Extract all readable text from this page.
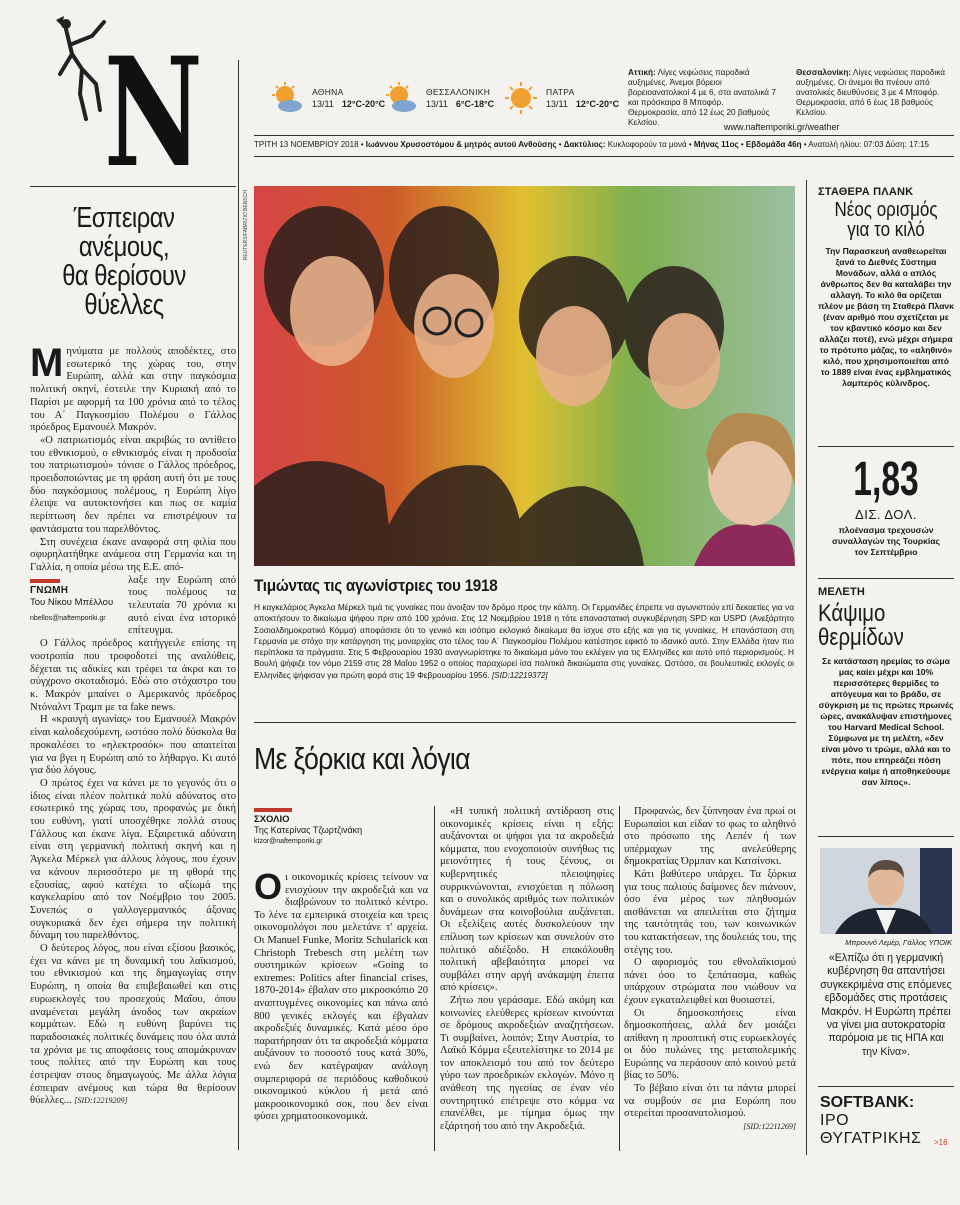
N	ΑΘΗΝΑ
13/11 12°C-20°C
ΘΕΣΣΑΛΟΝΙΚΗ
13/11 6°C-18°C
ΠΑΤΡΑ
13/11 12°C-20°C
Αττική: Λίγες νεφώσεις παροδικά αυξημένες. Άνεμοι βόρειοι βορειοανατολικοί 4 με 6, στα ανατολικά 7 και πρόσκαιρα 8 Μποφόρ. Θερμοκρασία, από 12 έως 20 βαθμούς Κελσίου.
Θεσσαλονίκη: Λίγες νεφώσεις παροδικά αυξημένες. Οι άνεμοι θα πνέουν από ανατολικές διευθύνσεις 3 με 4 Μποφόρ. Θερμοκρασία, από 6 έως 18 βαθμούς Κελσίου.
www.naftemporiki.gr/weather
ΤΡΙΤΗ 13 ΝΟΕΜΒΡΙΟΥ 2018 • Ιωάννου Χρυσοστόμου & μητρός αυτού Ανθούσης • Δακτύλιος: Κυκλοφορούν τα μονά • Μήνας 11ος • Εβδομάδα 46η • Ανατολή ηλίου: 07:03 Δύση: 17:15
Έσπειραν
ανέμους,
θα θερίσουν
θύελλες

Μηνύματα με πολλούς αποδέκτες, στο εσωτερικό της χώρας του, στην Ευρώπη, αλλά και στην παγκόσμια πολιτική σκηνί, έστειλε την Κυριακή από το Παρίσι με αφορμή τα 100 χρόνια από το τέλος του Α΄ Παγκοσμίου Πολέμου ο Γάλλος πρόεδρος Εμανουέλ Μακρόν.

«Ο πατριωτισμός είναι ακριβώς το αντίθετο του εθνικισμού, ο εθνικισμός είναι η προδοσία του πατριωτισμού» τόνισε ο Γάλλος πρόεδρος, προειδοποιώντας με τη φράση αυτή ότι με τους δύο παγκόσμιους πολέμους, η Ευρώπη λίγο έλειψε να αυτοκτονήσει και πως σε καμία περίπτωση δεν πρέπει να επιστρέψουν τα φαντάσματα του παρελθόντος.

Στη συνέχεια έκανε αναφορά στη φιλία που σφυρηλατήθηκε ανάμεσα στη Γερμανία και τη Γαλλία, η οποία μέσω της Ε.Ε. από-

ΓΝΩΜΗ
Του Νίκου Μπέλλου
nbellos@naftemporiki.gr

λαξε την Ευρώπη από τους πολέμους τα τελευταία 70 χρόνια κι αυτό είναι ένα ιστορικό επίτευγμα.

Ο Γάλλος πρόεδρος κατήγγειλε επίσης τη νοοτροπία που τροφοδοτεί της αναλύθεις, δέχεται τις αδικίες και τρέφει τα άκρα και το σύγχρονο σκοταδισμό. Εδώ στο στόχαστρο του κ. Μακρόν μπαίνει ο Αμερικανός πρόεδρος Ντόναλντ Τραμπ με τα fake news.

Η «κραυγή αγωνίας» του Εμανουέλ Μακρόν είναι καλοδεχούμενη, ωστόσο πολύ δύσκολα θα προκαλέσει το «ηλεκτροσόκ» που απαιτείται για να βγει η Ευρώπη από το λήθαργο. Κι αυτό για δύο λόγους.

Ο πρώτος έχει να κάνει με το γεγονός ότι ο ίδιος είναι πλέον πολιτικά πολύ αδύνατος στο εσωτερικό της χώρας του, προφανώς με δική του ευθύνη, γιατί υποσχέθηκε πολλά στους Γάλλους και έκανε λίγα. Εξαιρετικά αδύνατη είναι στη γερμανική πολιτική σκηνή και η Άγκελα Μέρκελ για άλλους λόγους, που έχουν να κάνουν περισσότερο με τη φθορά της εξουσίας, αφού κατέχει το αξίωμά της καγκελαρίου από τον Νοέμβριο του 2005. Συνεπώς ο γαλλογερμανικός άξονας συγκυριακά δεν έχει σήμερα την πολιτική δύναμη του παρελθόντος.

Ο δεύτερος λόγος, που είναι εξίσου βασικός, έχει να κάνει με τη δυναμική του λαϊκισμού, του εθνικισμού και της δημαγωγίας στην Ευρώπη, η οποία θα επιβεβαιωθεί και στις ευρωεκλογές του προσεχούς Μαΐου, όπου αναμένεται μεγάλη άνοδος των ακραίων κομμάτων. Εδώ η ευθύνη βαρύνει τις παραδοσιακές πολιτικές δυνάμεις που όλα αυτά τα χρόνια με τις αποφάσεις τους απομάκρυναν τους πολίτες από την Ευρώπη και τους έστρεψαν στους δημαγωγούς. Με άλλα λόγια έσπειραν ανέμους και τώρα θα θερίσουν θύελλες... [SID:12219209]

REUTERS/FABRIZIO BENSCH
Τιμώντας τις αγωνίστριες του 1918
Η καγκελάριος Άγκελα Μέρκελ τιμά τις γυναίκες που άνοιξαν τον δρόμο προς την κάλπη. Οι Γερμανίδες έπρεπε να αγωνιστούν επί δεκαετίες για να αποκτήσουν το δικαίωμα ψήφου πριν από 100 χρόνια. Στις 12 Νοεμβρίου 1918 η τότε επαναστατική συγκυβέρνηση SPD και USPD (Ανεξάρτητο Σοσιαλδημοκρατικό Κόμμα) αποφάσισε ότι το γενικό και ισότιμο εκλογικό δικαίωμα θα ίσχυε στο εξής και για τις γυναίκες. Η επανάσταση στη Γερμανία με στόχο την κατάργηση της μοναρχίας στο τέλος του Α΄ Παγκοσμίου Πολέμου κατέστησε εφικτό το ιδανικό αυτό. Στην Ελλάδα ήταν πιο περίπλοκα τα πράγματα. Στις 5 Φεβρουαρίου 1930 αναγνωρίστηκε το δικαίωμα μόνο του εκλέγειν για τις Ελληνίδες και αυτό υπό περιορισμούς. Η Βουλή ψήφιζε τον νόμο 2159 στις 28 Μαΐου 1952 ο οποίος παραχωρεί ίσα πολιτικά δικαιώματα στις γυναίκες. Ωστόσο, σε βουλευτικές εκλογές οι Ελληνίδες ψήφισαν για πρώτη φορά στις 19 Φεβρουαρίου 1956. [SID:12219372]
Με ξόρκια και λόγια
ΣΧΟΛΙΟ
Της Κατερίνας Τζωρτζινάκη
ktzor@naftemporiki.gr

Οι οικονομικές κρίσεις τείνουν να ενισχύουν την ακροδεξιά και να διαβρώνουν το πολιτικό κέντρο. Το λένε τα εμπειρικά στοιχεία και τρεις οικονομολόγοι που μελετάνε τ' αρχεία. Οι Manuel Funke, Moritz Schularick και Christoph Trebesch στη μελέτη των συστημικών κρίσεων «Going to extremes: Politics after financial crises, 1870-2014» έβαλαν στο μικροσκόπιο 20 αναπτυγμένες οικονομίες και πάνω από 800 γενικές εκλογές και έβγαλαν ακροδεξιές δυναμικές. Κατά μέσο όρο παρατήρησαν ότι τα ακροδεξιά κόμματα αυξάνουν το ποσοστό τους κατά 30%, ενώ δεν κατέγραψαν ανάλογη συμπεριφορά σε περιόδους καθοδικού οικονομικού κύκλου ή μετά από μακροοικονομικό σοκ, που δεν είναι φύσει χρηματοοικονομικά.

«Η τυπική πολιτική αντίδραση στις οικονομικές κρίσεις είναι η εξής: αυξάνονται οι ψήφοι για τα ακροδεξιά κόμματα, που ενοχοποιούν συνήθως τις μειονότητες ή τους ξένους, οι κυβερνητικές πλειοψηφίες συρρικνώνονται, ενισχύεται η πόλωση και ο συνολικός αριθμός των πολιτικών δυνάμεων στα κοινοβούλια αυξάνεται. Οι εξελίξεις αυτές δυσκολεύουν την επίλυση των κρίσεων και συνελούν στο πολιτικό αδιέξοδο. Η επακόλουθη πολιτική αβεβαιότητα μπορεί να συμβάλει στην αργή ανάκαμψη έπειτα από κρίσεις».

Ζήτω που γεράσαμε. Εδώ ακόμη και κοινωνίες ελεύθερες κρίσεων κινούνται σε δρόμους ακροδεξιών αναζητήσεων. Τι συμβαίνει, λοιπόν; Στην Αυστρία, το Λαϊκό Κόμμα εξευτελίστηκε το 2014 με τον αποκλεισμό του από τον δεύτερο γύρο των προεδρικών εκλογών. Μόνο η ανάθεση της ηγεσίας σε έναν νέο συντηρητικό επέτρεψε στο κόμμα να επανέλθει, με τίμημα όμως την εξάρτησή του από την Ακροδεξιά.

Προφανώς, δεν ξύπνησαν ένα πρωί οι Ευρωπαίοι και είδαν το φως το αληθινό στο πρόσωπο της Λεπέν ή των υπέρμαχων της ανελεύθερης δημοκρατίας Όρμπαν και Κατσίνσκι.

Κάτι βαθύτερο υπάρχει. Τα ξόρκια για τους παλιούς δαίμονες δεν πιάνουν, όσο ένα μέρος των πληθυσμών αισθάνεται να απειλείται στο ζήτημα της ταυτότητάς του, των κοινωνικών του κατακτήσεων, της δουλειάς του, της στέγης του.

Ο αφορισμός του εθνολαϊκισμού πάνει όσο το ξεπάτασμα, καθώς υπάρχουν στρώματα που νιώθουν να έχουν εγκαταλειφθεί και θυσιαστεί.

Οι δημοσκοπήσεις είναι δημοσκοπήσεις, αλλά δεν μοιάζει απίθανη η προοπτική στις ευρωεκλογές οι δύο πυλώνες της μεταπολεμικής Ευρώπης να περάσουν από κοινού μετά βίας το 50%.

Το βέβαιο είναι ότι τα πάντα μπορεί να συμβούν σε μια Ευρώπη που στερείται προσανατολισμού.

[SID:12211269]

ΣΤΑΘΕΡΑ ΠΛΑΝΚ
Νέος ορισμός
για το κιλό
Την Παρασκευή αναθεωρείται ξανά το Διεθνές Σύστημα Μονάδων, αλλά ο απλός άνθρωπος δεν θα καταλάβει την αλλαγή. Το κιλό θα ορίζεται πλέον με βάση τη Σταθερά Πλανκ (έναν αριθμό που σχετίζεται με τον κβαντικό κόσμο και δεν αλλάζει ποτέ), ενώ μέχρι σήμερα το πρότυπο μάζας, το «αληθινό» κιλό, που χρησιμοποιείται από το 1889 είναι ένας εμβληματικός λαμπερός κύλινδρος.
1,83
ΔΙΣ. ΔΟΛ.
πλοένασμα τρεχουσών συναλλαγών της Τουρκίας τον Σεπτέμβριο
ΜΕΛΕΤΗ
Κάψιμο
θερμίδων
Σε κατάσταση ηρεμίας το σώμα μας καίει μέχρι και 10% περισσότερες θερμίδες το απόγευμα και το βράδυ, σε σύγκριση με τις πρώτες πρωινές ώρες, ανακάλυψαν επιστήμονες του Harvard Medical School. Σύμφωνα με τη μελέτη, «δεν είναι μόνο τι τρώμε, αλλά και το πότε, που επηρεάζει πόση ενέργεια καίμε ή αποθηκεύουμε σαν λίπος».
Μπρουνό Λεμέρ, Γάλλος ΥΠΟΙΚ
«Ελπίζω ότι η γερμανική κυβέρνηση θα απαντήσει συγκεκριμένα στις επόμενες εβδομάδες στις προτάσεις Μακρόν. Η Ευρώπη πρέπει να γίνει μια αυτοκρατορία παρόμοια με τις ΗΠΑ και την Κίνα».
SOFTBANK:
IPO
ΘΥΓΑΤΡΙΚΗΣ >16
